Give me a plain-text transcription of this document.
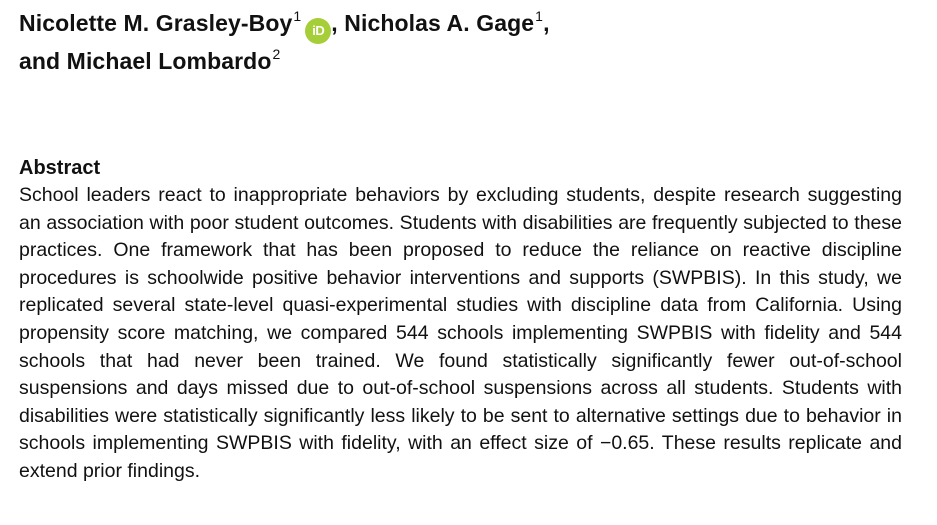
Nicolette M. Grasley-Boy$^1$iD , Nicholas A. Gage$^1$,
and Michael Lombardo$^2$
Abstract

School leaders react to inappropriate behaviors by excluding students, despite research suggesting an association with poor student outcomes. Students with disabilities are frequently subjected to these practices. One framework that has been proposed to reduce the reliance on reactive discipline procedures is schoolwide positive behavior interventions and supports (SWPBIS). In this study, we replicated several state-level quasi-experimental studies with discipline data from California. Using propensity score matching, we compared 544 schools implementing SWPBIS with fidelity and 544 schools that had never been trained. We found statistically significantly fewer out-of-school suspensions and days missed due to out-of-school suspensions across all students. Students with disabilities were statistically significantly less likely to be sent to alternative settings due to behavior in schools implementing SWPBIS with fidelity, with an effect size of −0.65. These results replicate and extend prior findings.
